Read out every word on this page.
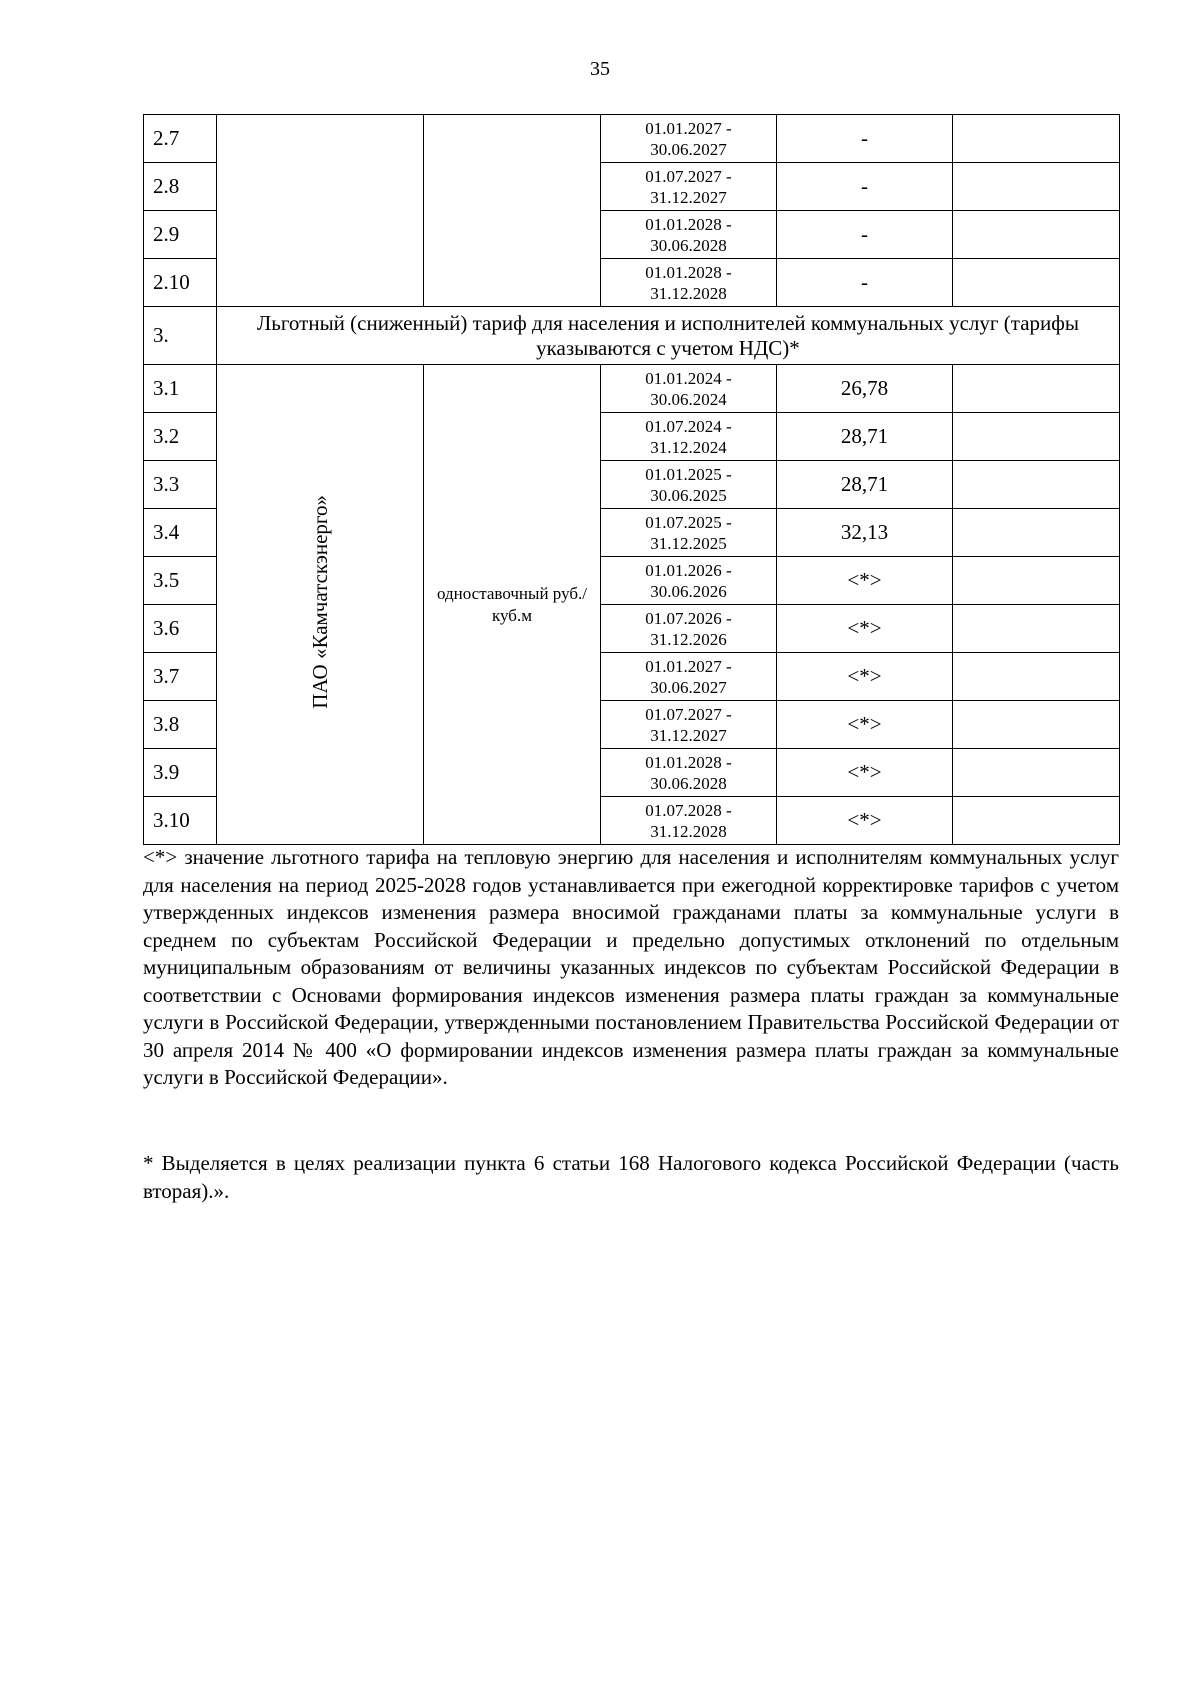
35
2.7			01.01.2027 -
30.06.2027	-	
2.8			01.07.2027 -
31.12.2027	-	
2.9			01.01.2028 -
30.06.2028	-	
2.10			01.01.2028 -
31.12.2028	-	
3.	Льготный (сниженный) тариф для населения и исполнителей коммунальных услуг (тарифы указываются с учетом НДС)*				
3.1	ПАО «Камчатскэнерго»	одноставочный руб./куб.м	01.01.2024 -
30.06.2024	26,78	
3.2			01.07.2024 -
31.12.2024	28,71	
3.3			01.01.2025 -
30.06.2025	28,71	
3.4			01.07.2025 -
31.12.2025	32,13	
3.5			01.01.2026 -
30.06.2026	<*>	
3.6			01.07.2026 -
31.12.2026	<*>	
3.7			01.01.2027 -
30.06.2027	<*>	
3.8			01.07.2027 -
31.12.2027	<*>	
3.9			01.01.2028 -
30.06.2028	<*>	
3.10			01.07.2028 -
31.12.2028	<*>	

<*> значение льготного тарифа на тепловую энергию для населения и исполнителям коммунальных услуг для населения на период 2025-2028 годов устанавливается при ежегодной корректировке тарифов с учетом утвержденных индексов изменения размера вносимой гражданами платы за коммунальные услуги в среднем по субъектам Российской Федерации и предельно допустимых отклонений по отдельным муниципальным образованиям от величины указанных индексов по субъектам Российской Федерации в соответствии с Основами формирования индексов изменения размера платы граждан за коммунальные услуги в Российской Федерации, утвержденными постановлением Правительства Российской Федерации от 30 апреля 2014 № 400 «О формировании индексов изменения размера платы граждан за коммунальные услуги в Российской Федерации».

* Выделяется в целях реализации пункта 6 статьи 168 Налогового кодекса Российской Федерации (часть вторая).».
